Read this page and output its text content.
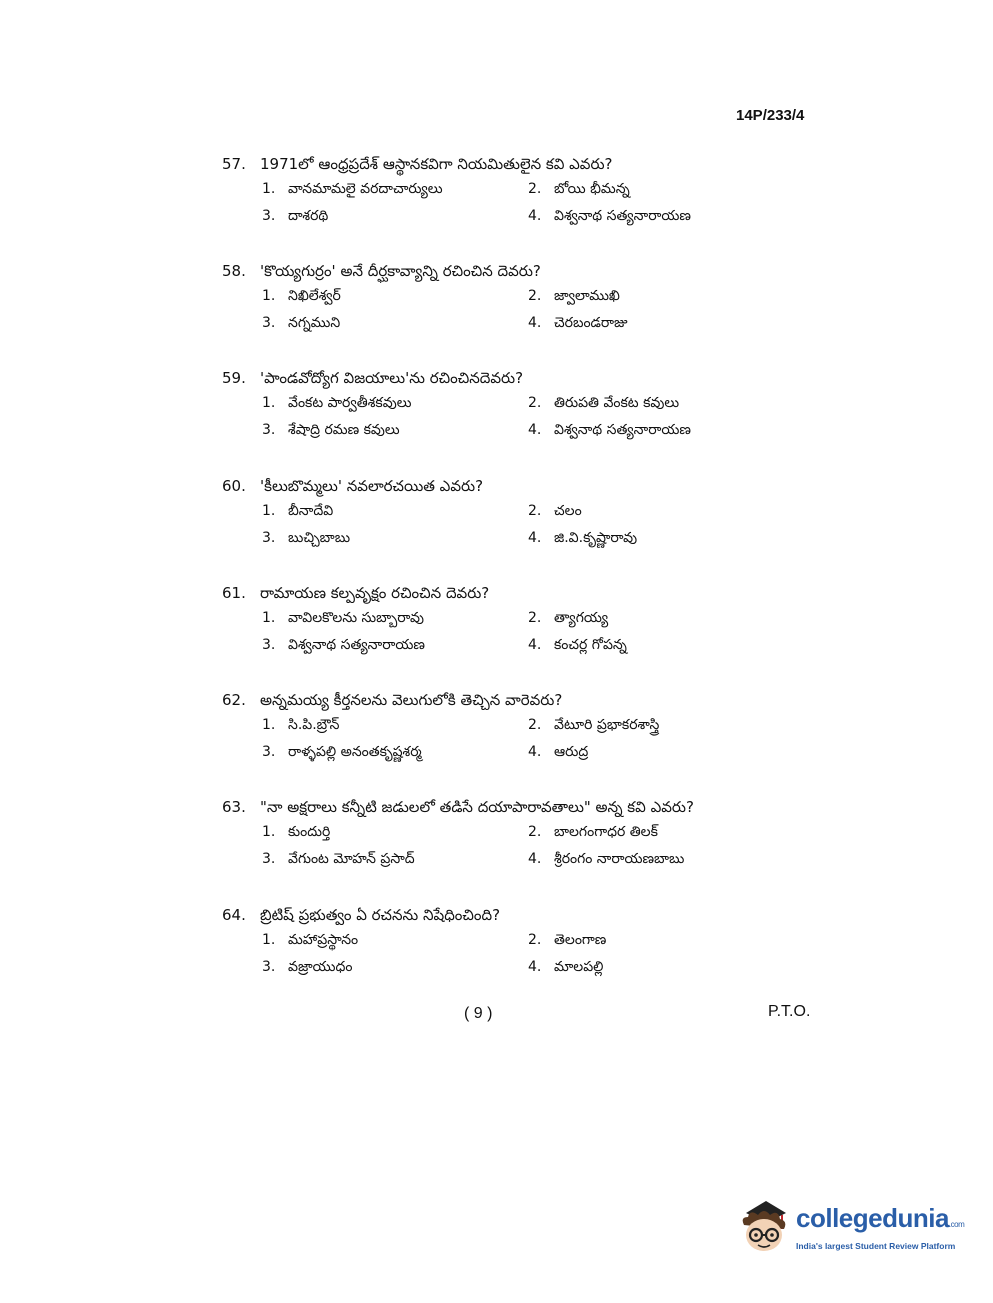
14P/233/4
57. 1971లో ఆంధ్రప్రదేశ్ ఆస్థానకవిగా నియమితులైన కవి ఎవరు?
1. వానమామలై వరదాచార్యులు	2. బోయి భీమన్న
3. దాశరథి	4. విశ్వనాథ సత్యనారాయణ
58. 'కొయ్యగుర్రం' అనే దీర్ఘకావ్యాన్ని రచించిన దెవరు?
1. నిఖిలేశ్వర్	2. జ్వాలాముఖి
3. నగ్నముని	4. చెరబండరాజు
59. 'పాండవోద్యోగ విజయాలు'ను రచించినదెవరు?
1. వేంకట పార్వతీశకవులు	2. తిరుపతి వేంకట కవులు
3. శేషాద్రి రమణ కవులు	4. విశ్వనాథ సత్యనారాయణ
60. 'కీలుబొమ్మలు' నవలారచయిత ఎవరు?
1. బీనాదేవి	2. చలం
3. బుచ్చిబాబు	4. జి.వి.కృష్ణారావు
61. రామాయణ కల్పవృక్షం రచించిన దెవరు?
1. వావిలకొలను సుబ్బారావు	2. త్యాగయ్య
3. విశ్వనాథ సత్యనారాయణ	4. కంచర్ల గోపన్న
62. అన్నమయ్య కీర్తనలను వెలుగులోకి తెచ్చిన వారెవరు?
1. సి.పి.బ్రౌన్	2. వేటూరి ప్రభాకరశాస్త్రి
3. రాళ్ళపల్లి అనంతకృష్ణశర్మ	4. ఆరుద్ర
63. "నా అక్షరాలు కన్నీటి జడులలో తడిసే దయాపారావతాలు" అన్న కవి ఎవరు?
1. కుందుర్తి	2. బాలగంగాధర తిలక్
3. వేగుంట మోహన్ ప్రసాద్	4. శ్రీరంగం నారాయణబాబు
64. బ్రిటిష్ ప్రభుత్వం ఏ రచనను నిషేధించింది?
1. మహాప్రస్థానం	2. తెలంగాణ
3. వజ్రాయుధం	4. మాలపల్లి
( 9 )	P.T.O.
collegedunia.com
India's largest Student Review Platform
